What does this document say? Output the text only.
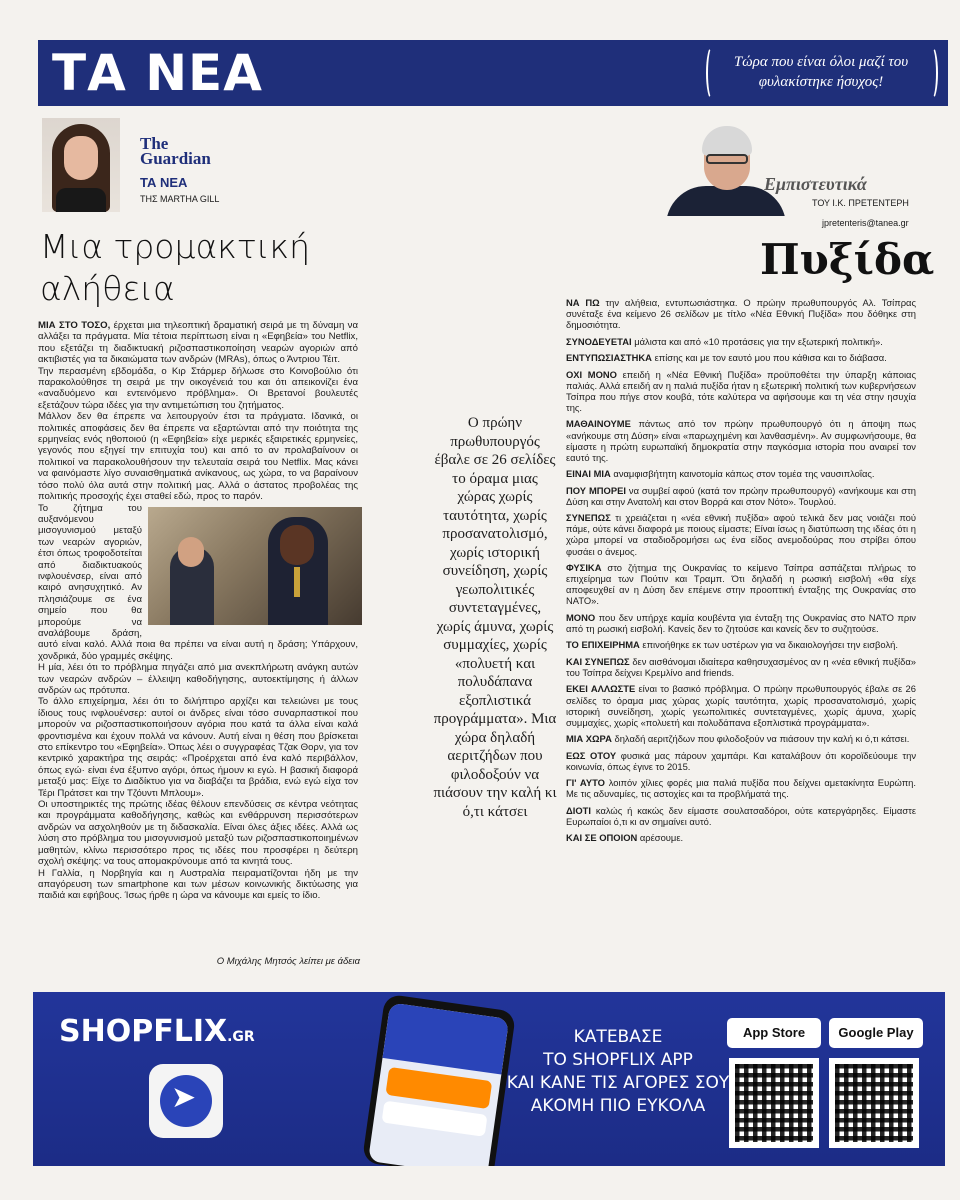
ΤΑ ΝΕΑ	Τώρα που είναι όλοι μαζί του φυλακίστηκε ήσυχος!
The Guardian
ΤΑ ΝΕΑ
ΤΗΣ MARTHA GILL
Μια τρομακτική αλήθεια

ΜΙΑ ΣΤΟ ΤΟΣΟ, έρχεται μια τηλεοπτική δραματική σειρά με τη δύναμη να αλλάξει τα πράγματα. Μία τέτοια περίπτωση είναι η «Εφηβεία» του Netflix, που εξετάζει τη διαδικτυακή ριζοσπαστικοποίηση νεαρών αγοριών από ακτιβιστές για τα δικαιώματα των ανδρών (MRAs), όπως ο Άντριου Τέιτ.

Την περασμένη εβδομάδα, ο Κιρ Στάρμερ δήλωσε στο Κοινοβούλιο ότι παρακολούθησε τη σειρά με την οικογένειά του και ότι απεικονίζει ένα «αναδυόμενο και εντεινόμενο πρόβλημα». Οι Βρετανοί βουλευτές εξετάζουν τώρα ιδέες για την αντιμετώπιση του ζητήματος.

Μάλλον δεν θα έπρεπε να λειτουργούν έτσι τα πράγματα. Ιδανικά, οι πολιτικές αποφάσεις δεν θα έπρεπε να εξαρτώνται από την ποιότητα της ερμηνείας ενός ηθοποιού (η «Εφηβεία» είχε μερικές εξαιρετικές ερμηνείες, γεγονός που εξηγεί την επιτυχία του) και από το αν προλαβαίνουν οι πολιτικοί να παρακολουθήσουν την τελευταία σειρά του Netflix. Μας κάνει να φαινόμαστε λίγο συναισθηματικά ανίκανους, ως χώρα, το να βαραίνουν τόσο πολύ όλα αυτά στην πολιτική μας. Αλλά ο άστατος προβολέας της πολιτικής προσοχής έχει σταθεί εδώ, προς το παρόν.

Το ζήτημα του αυξανόμενου μισογυνισμού μεταξύ των νεαρών αγοριών, έτσι όπως τροφοδοτείται από διαδικτυακούς ινφλουένσερ, είναι από καιρό ανησυχητικό. Αν πλησιάζουμε σε ένα σημείο που θα μπορούμε να αναλάβουμε δράση, αυτό είναι καλό. Αλλά ποια θα πρέπει να είναι αυτή η δράση; Υπάρχουν, χονδρικά, δύο γραμμές σκέψης.

Η μία, λέει ότι το πρόβλημα πηγάζει από μια ανεκπλήρωτη ανάγκη αυτών των νεαρών ανδρών – έλλειψη καθοδήγησης, αυτοεκτίμησης ή άλλων ανδρών ως πρότυπα.

Το άλλο επιχείρημα, λέει ότι το διλήπτιρο αρχίζει και τελειώνει με τους ίδιους τους ινφλουένσερ: αυτοί οι άνδρες είναι τόσο συναρπαστικοί που μπορούν να ριζοσπαστικοποιήσουν αγόρια που κατά τα άλλα είναι καλά φροντισμένα και έχουν πολλά να κάνουν. Αυτή είναι η θέση που βρίσκεται στο επίκεντρο του «Εφηβεία». Όπως λέει ο συγγραφέας Τζακ Θορν, για τον κεντρικό χαρακτήρα της σειράς: «Προέρχεται από ένα καλό περιβάλλον, όπως εγώ· είναι ένα έξυπνο αγόρι, όπως ήμουν κι εγώ. Η βασική διαφορά μεταξύ μας: Είχε το Διαδίκτυο για να διαβάζει τα βράδια, ενώ εγώ είχα τον Τέρι Πράτσετ και την Τζόυντι Μπλουμ».

Οι υποστηρικτές της πρώτης ιδέας θέλουν επενδύσεις σε κέντρα νεότητας και προγράμματα καθοδήγησης, καθώς και ενθάρρυνση περισσότερων ανδρών να ασχοληθούν με τη διδασκαλία. Είναι όλες άξιες ιδέες. Αλλά ως λύση στο πρόβλημα του μισογυνισμού μεταξύ των ριζοσπαστικοποιημένων μαθητών, κλίνω περισσότερο προς τις ιδέες που προσφέρει η δεύτερη σχολή σκέψης: να τους απομακρύνουμε από τα κινητά τους.

Η Γαλλία, η Νορβηγία και η Αυστραλία πειραματίζονται ήδη με την απαγόρευση των smartphone και των μέσων κοινωνικής δικτύωσης για παιδιά και εφήβους. Ίσως ήρθε η ώρα να κάνουμε και εμείς το ίδιο.

Ο Μιχάλης Μητσός λείπει με άδεια
Ο πρώην πρωθυπουργός έβαλε σε 26 σελίδες το όραμα μιας χώρας χωρίς ταυτότητα, χωρίς προσανατολισμό, χωρίς ιστορική συνείδηση, χωρίς γεωπολιτικές συντεταγμένες, χωρίς άμυνα, χωρίς συμμαχίες, χωρίς «πολυετή και πολυδάπανα εξοπλιστικά προγράμματα». Μια χώρα δηλαδή αεριτζήδων που φιλοδοξούν να πιάσουν την καλή κι ό,τι κάτσει
Εμπιστευτικά
ΤΟΥ Ι.Κ. ΠΡΕΤΕΝΤΕΡΗ
jpretenteris@tanea.gr
Πυξίδα

ΝΑ ΠΩ την αλήθεια, εντυπωσιάστηκα. Ο πρώην πρωθυπουργός Αλ. Τσίπρας συνέταξε ένα κείμενο 26 σελίδων με τίτλο «Νέα Εθνική Πυξίδα» που δόθηκε στη δημοσιότητα.

ΣΥΝΟΔΕΥΕΤΑΙ μάλιστα και από «10 προτάσεις για την εξωτερική πολιτική».

ΕΝΤΥΠΩΣΙΑΣΤΗΚΑ επίσης και με τον εαυτό μου που κάθισα και το διάβασα.

ΟΧΙ ΜΟΝΟ επειδή η «Νέα Εθνική Πυξίδα» προϋποθέτει την ύπαρξη κάποιας παλιάς. Αλλά επειδή αν η παλιά πυξίδα ήταν η εξωτερική πολιτική των κυβερνήσεων Τσίπρα που πήγε στον κουβά, τότε καλύτερα να αφήσουμε και τη νέα στην ησυχία της.

ΜΑΘΑΙΝΟΥΜΕ πάντως από τον πρώην πρωθυπουργό ότι η άποψη πως «ανήκουμε στη Δύση» είναι «παρωχημένη και λανθασμένη». Αν συμφωνήσουμε, θα είμαστε η πρώτη ευρωπαϊκή δημοκρατία στην παγκόσμια ιστορία που αναιρεί τον εαυτό της.

ΕΙΝΑΙ ΜΙΑ αναμφισβήτητη καινοτομία κάπως στον τομέα της ναυσιπλοΐας.

ΠΟΥ ΜΠΟΡΕΙ να συμβεί αφού (κατά τον πρώην πρωθυπουργό) «ανήκουμε και στη Δύση και στην Ανατολή και στον Βορρά και στον Νότο». Τουρλού.

ΣΥΝΕΠΩΣ τι χρειάζεται η «νέα εθνική πυξίδα» αφού τελικά δεν μας νοιάζει πού πάμε, ούτε κάνει διαφορά με ποιους είμαστε; Είναι ίσως η διατύπωση της ιδέας ότι η χώρα μπορεί να σταδιοδρομήσει ως ένα είδος ανεμοδούρας που στρίβει όπου φυσάει ο άνεμος.

ΦΥΣΙΚΑ στο ζήτημα της Ουκρανίας το κείμενο Τσίπρα ασπάζεται πλήρως το επιχείρημα των Πούτιν και Τραμπ. Ότι δηλαδή η ρωσική εισβολή «θα είχε αποφευχθεί αν η Δύση δεν επέμενε στην προοπτική ένταξης της Ουκρανίας στο ΝΑΤΟ».

ΜΟΝΟ που δεν υπήρχε καμία κουβέντα για ένταξη της Ουκρανίας στο ΝΑΤΟ πριν από τη ρωσική εισβολή. Κανείς δεν το ζητούσε και κανείς δεν το συζητούσε.

ΤΟ ΕΠΙΧΕΙΡΗΜΑ επινοήθηκε εκ των υστέρων για να δικαιολογήσει την εισβολή.

ΚΑΙ ΣΥΝΕΠΩΣ δεν αισθάνομαι ιδιαίτερα καθησυχασμένος αν η «νέα εθνική πυξίδα» του Τσίπρα δείχνει Κρεμλίνο and friends.

ΕΚΕΙ ΑΛΛΩΣΤΕ είναι το βασικό πρόβλημα. Ο πρώην πρωθυπουργός έβαλε σε 26 σελίδες το όραμα μιας χώρας χωρίς ταυτότητα, χωρίς προσανατολισμό, χωρίς ιστορική συνείδηση, χωρίς γεωπολιτικές συντεταγμένες, χωρίς άμυνα, χωρίς συμμαχίες, χωρίς «πολυετή και πολυδάπανα εξοπλιστικά προγράμματα».

ΜΙΑ ΧΩΡΑ δηλαδή αεριτζήδων που φιλοδοξούν να πιάσουν την καλή κι ό,τι κάτσει.

ΕΩΣ ΟΤΟΥ φυσικά μας πάρουν χαμπάρι. Και καταλάβουν ότι κοροϊδεύουμε την κοινωνία, όπως έγινε το 2015.

ΓΙ' ΑΥΤΟ λοιπόν χίλιες φορές μια παλιά πυξίδα που δείχνει αμετακίνητα Ευρώπη. Με τις αδυναμίες, τις αστοχίες και τα προβλήματά της.

ΔΙΟΤΙ καλώς ή κακώς δεν είμαστε σουλατσαδόροι, ούτε κατεργάρηδες. Είμαστε Ευρωπαίοι ό,τι κι αν σημαίνει αυτό.

ΚΑΙ ΣΕ ΟΠΟΙΟΝ αρέσουμε.

SHOPFLIX.GR
➤
ΚΑΤΕΒΑΣΕ
ΤΟ SHOPFLIX APP
ΚΑΙ ΚΑΝΕ ΤΙΣ ΑΓΟΡΕΣ ΣΟΥ
ΑΚΟΜΗ ΠΙΟ ΕΥΚΟΛΑ
App Store	Google Play
